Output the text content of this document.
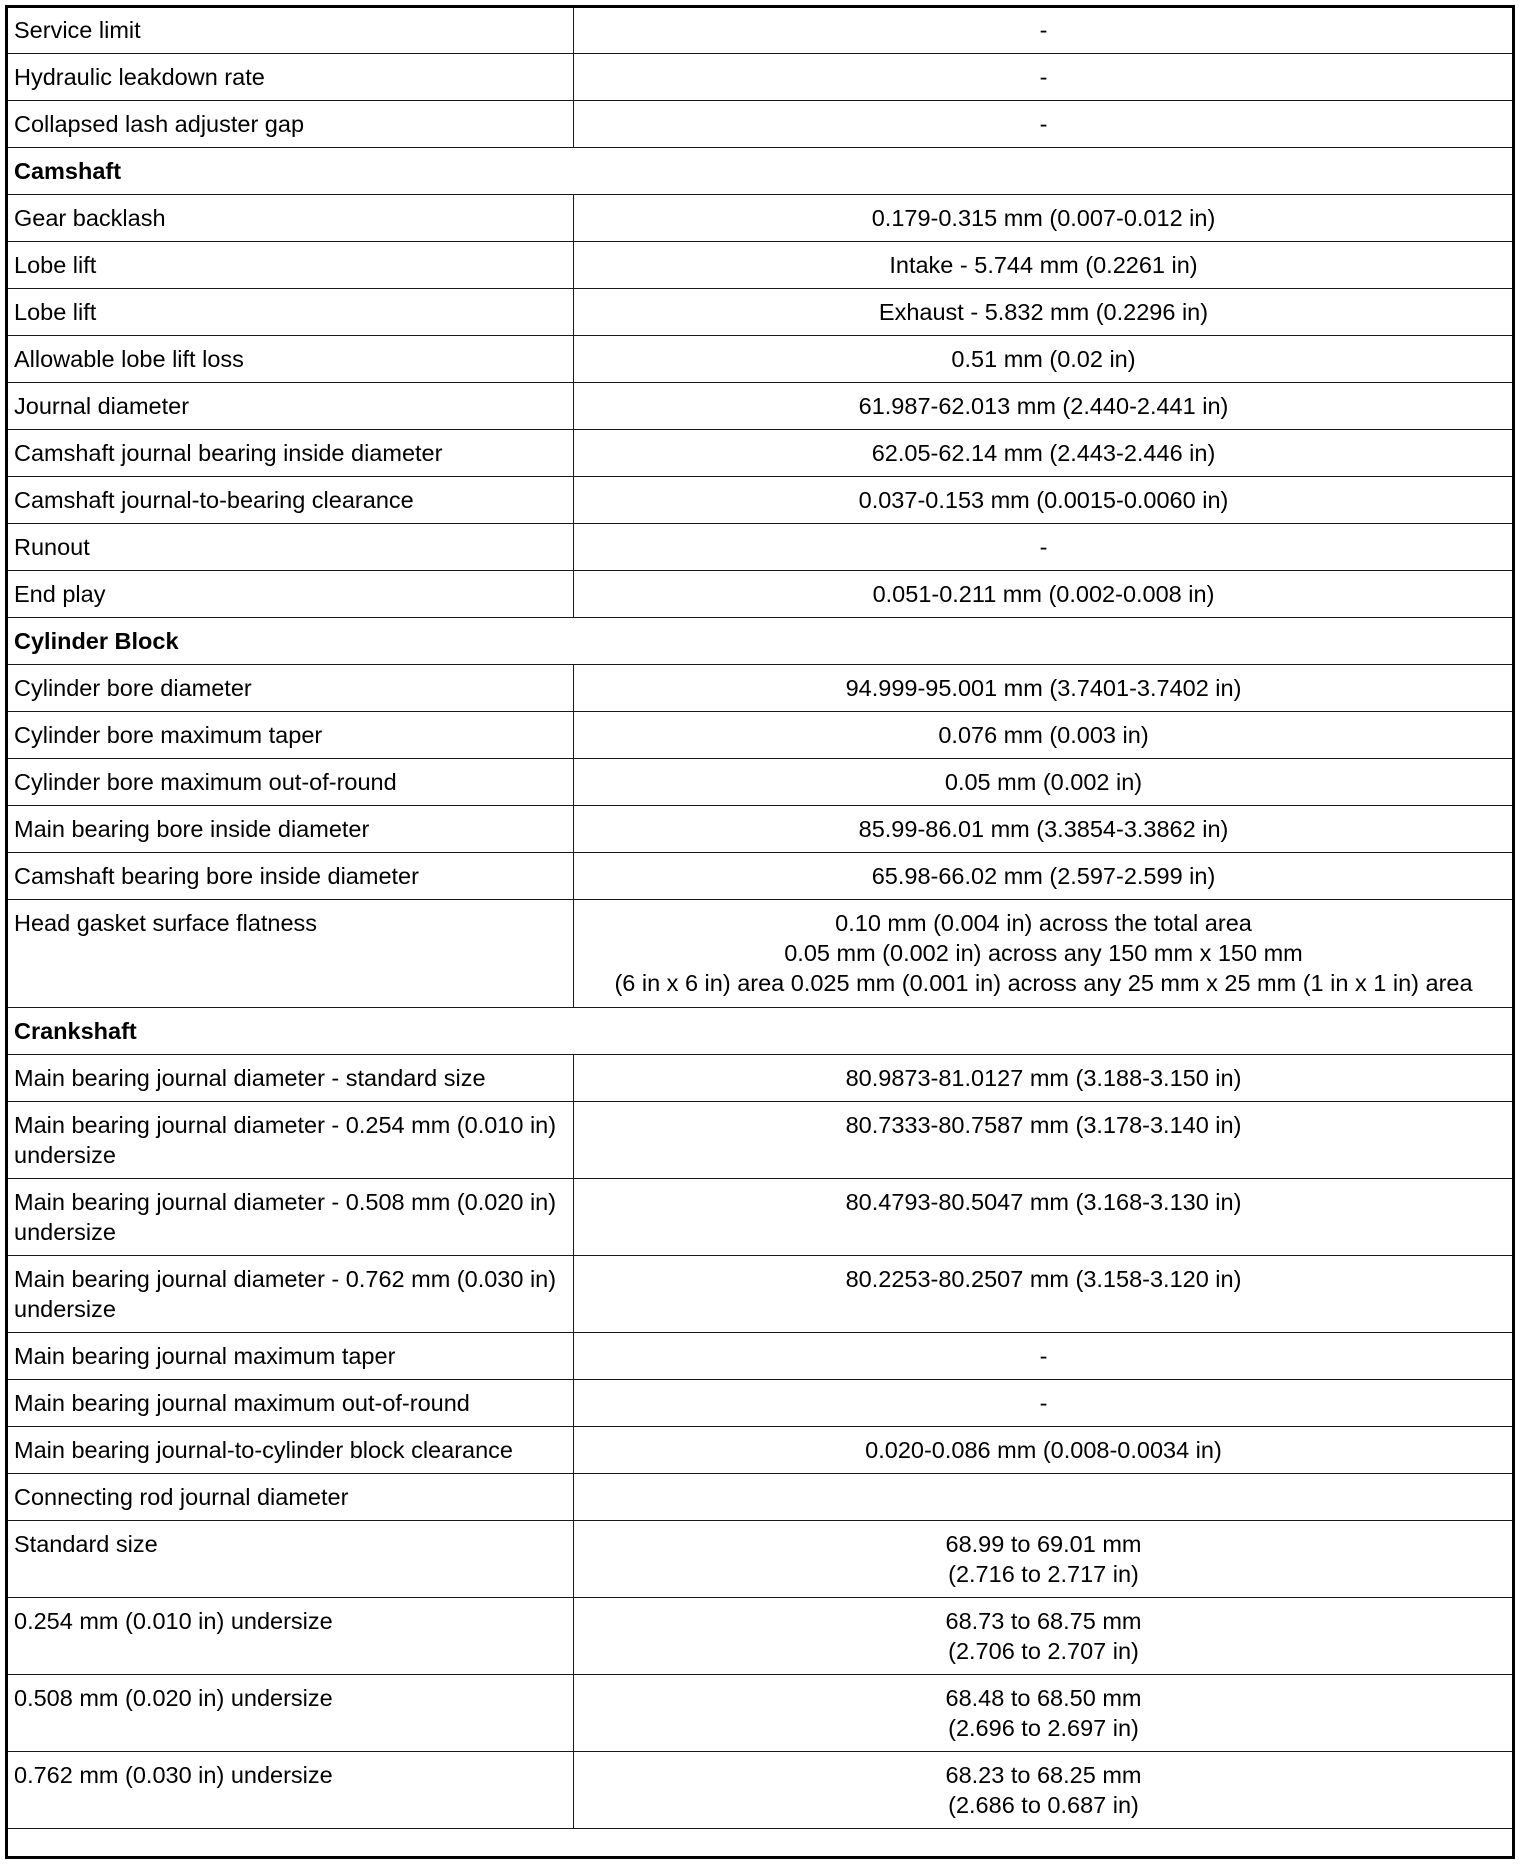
Service limit	-
Hydraulic leakdown rate	-
Collapsed lash adjuster gap	-
Camshaft	
Gear backlash	0.179-0.315 mm (0.007-0.012 in)
Lobe lift	Intake - 5.744 mm (0.2261 in)
Lobe lift	Exhaust - 5.832 mm (0.2296 in)
Allowable lobe lift loss	0.51 mm (0.02 in)
Journal diameter	61.987-62.013 mm (2.440-2.441 in)
Camshaft journal bearing inside diameter	62.05-62.14 mm (2.443-2.446 in)
Camshaft journal-to-bearing clearance	0.037-0.153 mm (0.0015-0.0060 in)
Runout	-
End play	0.051-0.211 mm (0.002-0.008 in)
Cylinder Block	
Cylinder bore diameter	94.999-95.001 mm (3.7401-3.7402 in)
Cylinder bore maximum taper	0.076 mm (0.003 in)
Cylinder bore maximum out-of-round	0.05 mm (0.002 in)
Main bearing bore inside diameter	85.99-86.01 mm (3.3854-3.3862 in)
Camshaft bearing bore inside diameter	65.98-66.02 mm (2.597-2.599 in)
Head gasket surface flatness	0.10 mm (0.004 in) across the total area
0.05 mm (0.002 in) across any 150 mm x 150 mm
(6 in x 6 in) area 0.025 mm (0.001 in) across any 25 mm x 25 mm (1 in x 1 in) area

Crankshaft	
Main bearing journal diameter - standard size	80.9873-81.0127 mm (3.188-3.150 in)
Main bearing journal diameter - 0.254 mm (0.010 in) undersize	80.7333-80.7587 mm (3.178-3.140 in)
Main bearing journal diameter - 0.508 mm (0.020 in) undersize	80.4793-80.5047 mm (3.168-3.130 in)
Main bearing journal diameter - 0.762 mm (0.030 in) undersize	80.2253-80.2507 mm (3.158-3.120 in)
Main bearing journal maximum taper	-
Main bearing journal maximum out-of-round	-
Main bearing journal-to-cylinder block clearance	0.020-0.086 mm (0.008-0.0034 in)
Connecting rod journal diameter	
Standard size	68.99 to 69.01 mm
(2.716 to 2.717 in)

0.254 mm (0.010 in) undersize	68.73 to 68.75 mm
(2.706 to 2.707 in)

0.508 mm (0.020 in) undersize	68.48 to 68.50 mm
(2.696 to 2.697 in)

0.762 mm (0.030 in) undersize	68.23 to 68.25 mm
(2.686 to 0.687 in)
